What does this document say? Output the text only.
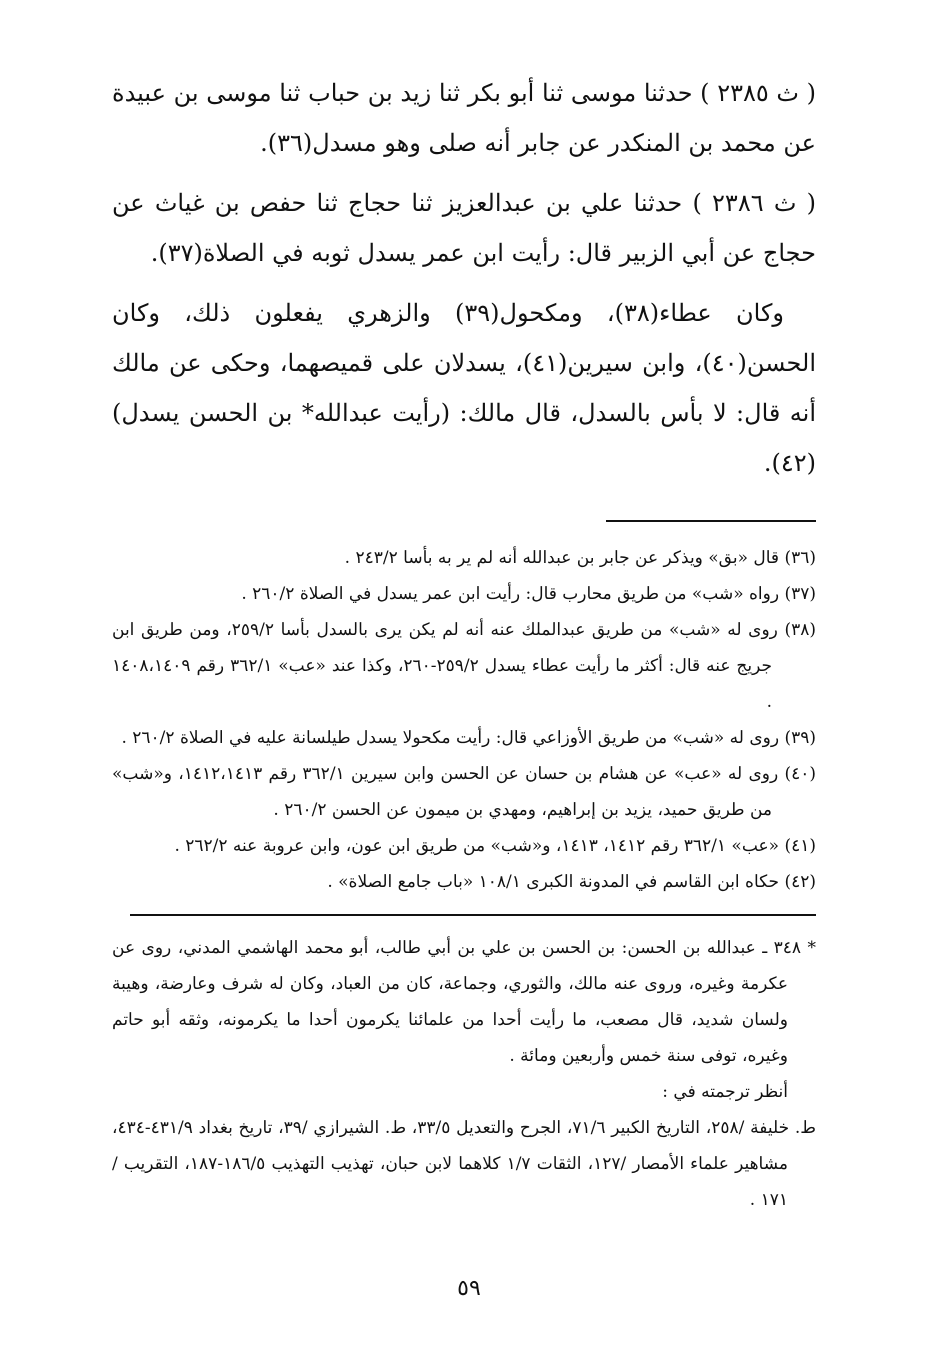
( ث ٢٣٨٥ ) حدثنا موسى ثنا أبو بكر ثنا زيد بن حباب ثنا موسى بن عبيدة عن محمد بن المنكدر عن جابر أنه صلى وهو مسدل(٣٦).

( ث ٢٣٨٦ ) حدثنا علي بن عبدالعزيز ثنا حجاج ثنا حفص بن غياث عن حجاج عن أبي الزبير قال: رأيت ابن عمر يسدل ثوبه في الصلاة(٣٧).

وكان عطاء(٣٨)، ومكحول(٣٩) والزهري يفعلون ذلك، وكان الحسن(٤٠)، وابن سيرين(٤١)، يسدلان على قميصهما، وحكى عن مالك أنه قال: لا بأس بالسدل، قال مالك: (رأيت عبدالله* بن الحسن يسدل)(٤٢).

(٣٦) قال «بق» ويذكر عن جابر بن عبدالله أنه لم ير به بأسا ٢٤٣/٢ .

(٣٧) رواه «شب» من طريق محارب قال: رأيت ابن عمر يسدل في الصلاة ٢٦٠/٢ .

(٣٨) روى له «شب» من طريق عبدالملك عنه أنه لم يكن يرى بالسدل بأسا ٢٥٩/٢، ومن طريق ابن جريج عنه قال: أكثر ما رأيت عطاء يسدل ٢٥٩/٢-٢٦٠، وكذا عند «عب» ٣٦٢/١ رقم ١٤٠٨،١٤٠٩ .

(٣٩) روى له «شب» من طريق الأوزاعي قال: رأيت مكحولا يسدل طيلسانة عليه في الصلاة ٢٦٠/٢ .

(٤٠) روى له «عب» عن هشام بن حسان عن الحسن وابن سيرين ٣٦٢/١ رقم ١٤١٢،١٤١٣، و«شب» من طريق حميد، يزيد بن إبراهيم، ومهدي بن ميمون عن الحسن ٢٦٠/٢ .

(٤١) «عب» ٣٦٢/١ رقم ١٤١٢، ١٤١٣، و«شب» من طريق ابن عون، وابن عروبة عنه ٢٦٢/٢ .

(٤٢) حكاه ابن القاسم في المدونة الكبرى ١٠٨/١ «باب جامع الصلاة» .

* ٣٤٨ ـ عبدالله بن الحسن: بن الحسن بن علي بن أبي طالب، أبو محمد الهاشمي المدني، روى عن عكرمة وغيره، وروى عنه مالك، والثوري، وجماعة، كان من العباد، وكان له شرف وعارضة، وهيبة ولسان شديد، قال مصعب، ما رأيت أحدا من علمائنا يكرمون أحدا ما يكرمونه، وثقه أبو حاتم وغيره، توفى سنة خمس وأربعين ومائة .

أنظر ترجمته في :

ط. خليفة /٢٥٨، التاريخ الكبير ٧١/٦، الجرح والتعديل ٣٣/٥، ط. الشيرازي /٣٩، تاريخ بغداد ٤٣١/٩-٤٣٤، مشاهير علماء الأمصار /١٢٧، الثقات ١/٧ كلاهما لابن حبان، تهذيب التهذيب ١٨٦/٥-١٨٧، التقريب /١٧١ .

٥٩
